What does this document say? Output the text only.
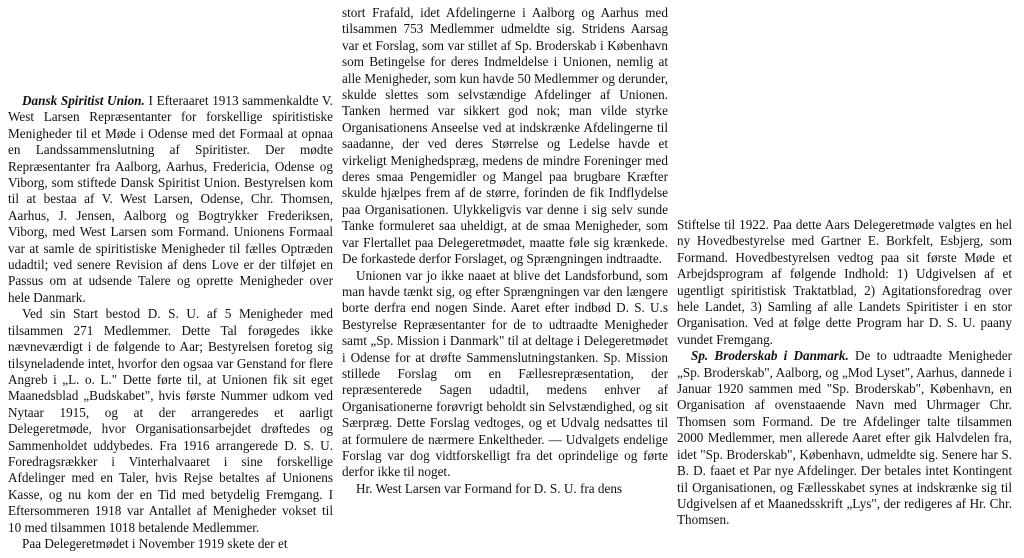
Dansk Spiritist Union. I Efteraaret 1913 sammenkaldte V. West Larsen Repræsentanter for forskellige spiritistiske Menigheder til et Møde i Odense med det Formaal at opnaa en Landssammenslutning af Spiritister. Der mødte Repræsentanter fra Aalborg, Aarhus, Fredericia, Odense og Viborg, som stiftede Dansk Spiritist Union. Bestyrelsen kom til at bestaa af V. West Larsen, Odense, Chr. Thomsen, Aarhus, J. Jensen, Aalborg og Bogtrykker Frederiksen, Viborg, med West Larsen som Formand. Unionens Formaal var at samle de spiritistiske Menigheder til fælles Optræden udadtil; ved senere Revision af dens Love er der tilføjet en Passus om at udsende Talere og oprette Menigheder over hele Danmark.

Ved sin Start bestod D. S. U. af 5 Menigheder med tilsammen 271 Medlemmer. Dette Tal forøgedes ikke nævneværdigt i de følgende to Aar; Bestyrelsen foretog sig tilsyneladende intet, hvorfor den ogsaa var Genstand for flere Angreb i „L. o. L." Dette førte til, at Unionen fik sit eget Maanedsblad „Budskabet", hvis første Nummer udkom ved Nytaar 1915, og at der arrangeredes et aarligt Delegeretmøde, hvor Organisationsarbejdet drøftedes og Sammenholdet uddybedes. Fra 1916 arrangerede D. S. U. Foredragsrækker i Vinterhalvaaret i sine forskellige Afdelinger med en Taler, hvis Rejse betaltes af Unionens Kasse, og nu kom der en Tid med betydelig Fremgang. I Eftersommeren 1918 var Antallet af Menigheder vokset til 10 med tilsammen 1018 betalende Medlemmer.

Paa Delegeretmødet i November 1919 skete der et

stort Frafald, idet Afdelingerne i Aalborg og Aarhus med tilsammen 753 Medlemmer udmeldte sig. Stridens Aarsag var et Forslag, som var stillet af Sp. Broderskab i København som Betingelse for deres Indmeldelse i Unionen, nemlig at alle Menigheder, som kun havde 50 Medlemmer og derunder, skulde slettes som selvstændige Afdelinger af Unionen. Tanken hermed var sikkert god nok; man vilde styrke Organisationens Anseelse ved at indskrænke Afdelingerne til saadanne, der ved deres Størrelse og Ledelse havde et virkeligt Menighedspræg, medens de mindre Foreninger med deres smaa Pengemidler og Mangel paa brugbare Kræfter skulde hjælpes frem af de større, forinden de fik Indflydelse paa Organisationen. Ulykkeligvis var denne i sig selv sunde Tanke formuleret saa uheldigt, at de smaa Menigheder, som var Flertallet paa Delegeretmødet, maatte føle sig krænkede. De forkastede derfor Forslaget, og Sprængningen indtraadte.

Unionen var jo ikke naaet at blive det Landsforbund, som man havde tænkt sig, og efter Sprængningen var den længere borte derfra end nogen Sinde. Aaret efter indbød D. S. U.s Bestyrelse Repræsentanter for de to udtraadte Menigheder samt „Sp. Mission i Danmark" til at deltage i Delegeretmødet i Odense for at drøfte Sammenslutningstanken. Sp. Mission stillede Forslag om en Fællesrepræsentation, der repræsenterede Sagen udadtil, medens enhver af Organisationerne forøvrigt beholdt sin Selvstændighed, og sit Særpræg. Dette Forslag vedtoges, og et Udvalg nedsattes til at formulere de nærmere Enkeltheder. — Udvalgets endelige Forslag var dog vidtforskelligt fra det oprindelige og førte derfor ikke til noget.

Hr. West Larsen var Formand for D. S. U. fra dens

Stiftelse til 1922. Paa dette Aars Delegeretmøde valgtes en hel ny Hovedbestyrelse med Gartner E. Borkfelt, Esbjerg, som Formand. Hovedbestyrelsen vedtog paa sit første Møde et Arbejdsprogram af følgende Indhold: 1) Udgivelsen af et ugentligt spiritistisk Traktatblad, 2) Agitationsforedrag over hele Landet, 3) Samling af alle Landets Spiritister i en stor Organisation. Ved at følge dette Program har D. S. U. paany vundet Fremgang.

Sp. Broderskab i Danmark. De to udtraadte Menigheder „Sp. Broderskab", Aalborg, og „Mod Lyset", Aarhus, dannede i Januar 1920 sammen med "Sp. Broderskab", København, en Organisation af ovenstaaende Navn med Uhrmager Chr. Thomsen som Formand. De tre Afdelinger talte tilsammen 2000 Medlemmer, men allerede Aaret efter gik Halvdelen fra, idet "Sp. Broderskab", København, udmeldte sig. Senere har S. B. D. faaet et Par nye Afdelinger. Der betales intet Kontingent til Organisationen, og Fællesskabet synes at indskrænke sig til Udgivelsen af et Maanedsskrift „Lys", der redigeres af Hr. Chr. Thomsen.
